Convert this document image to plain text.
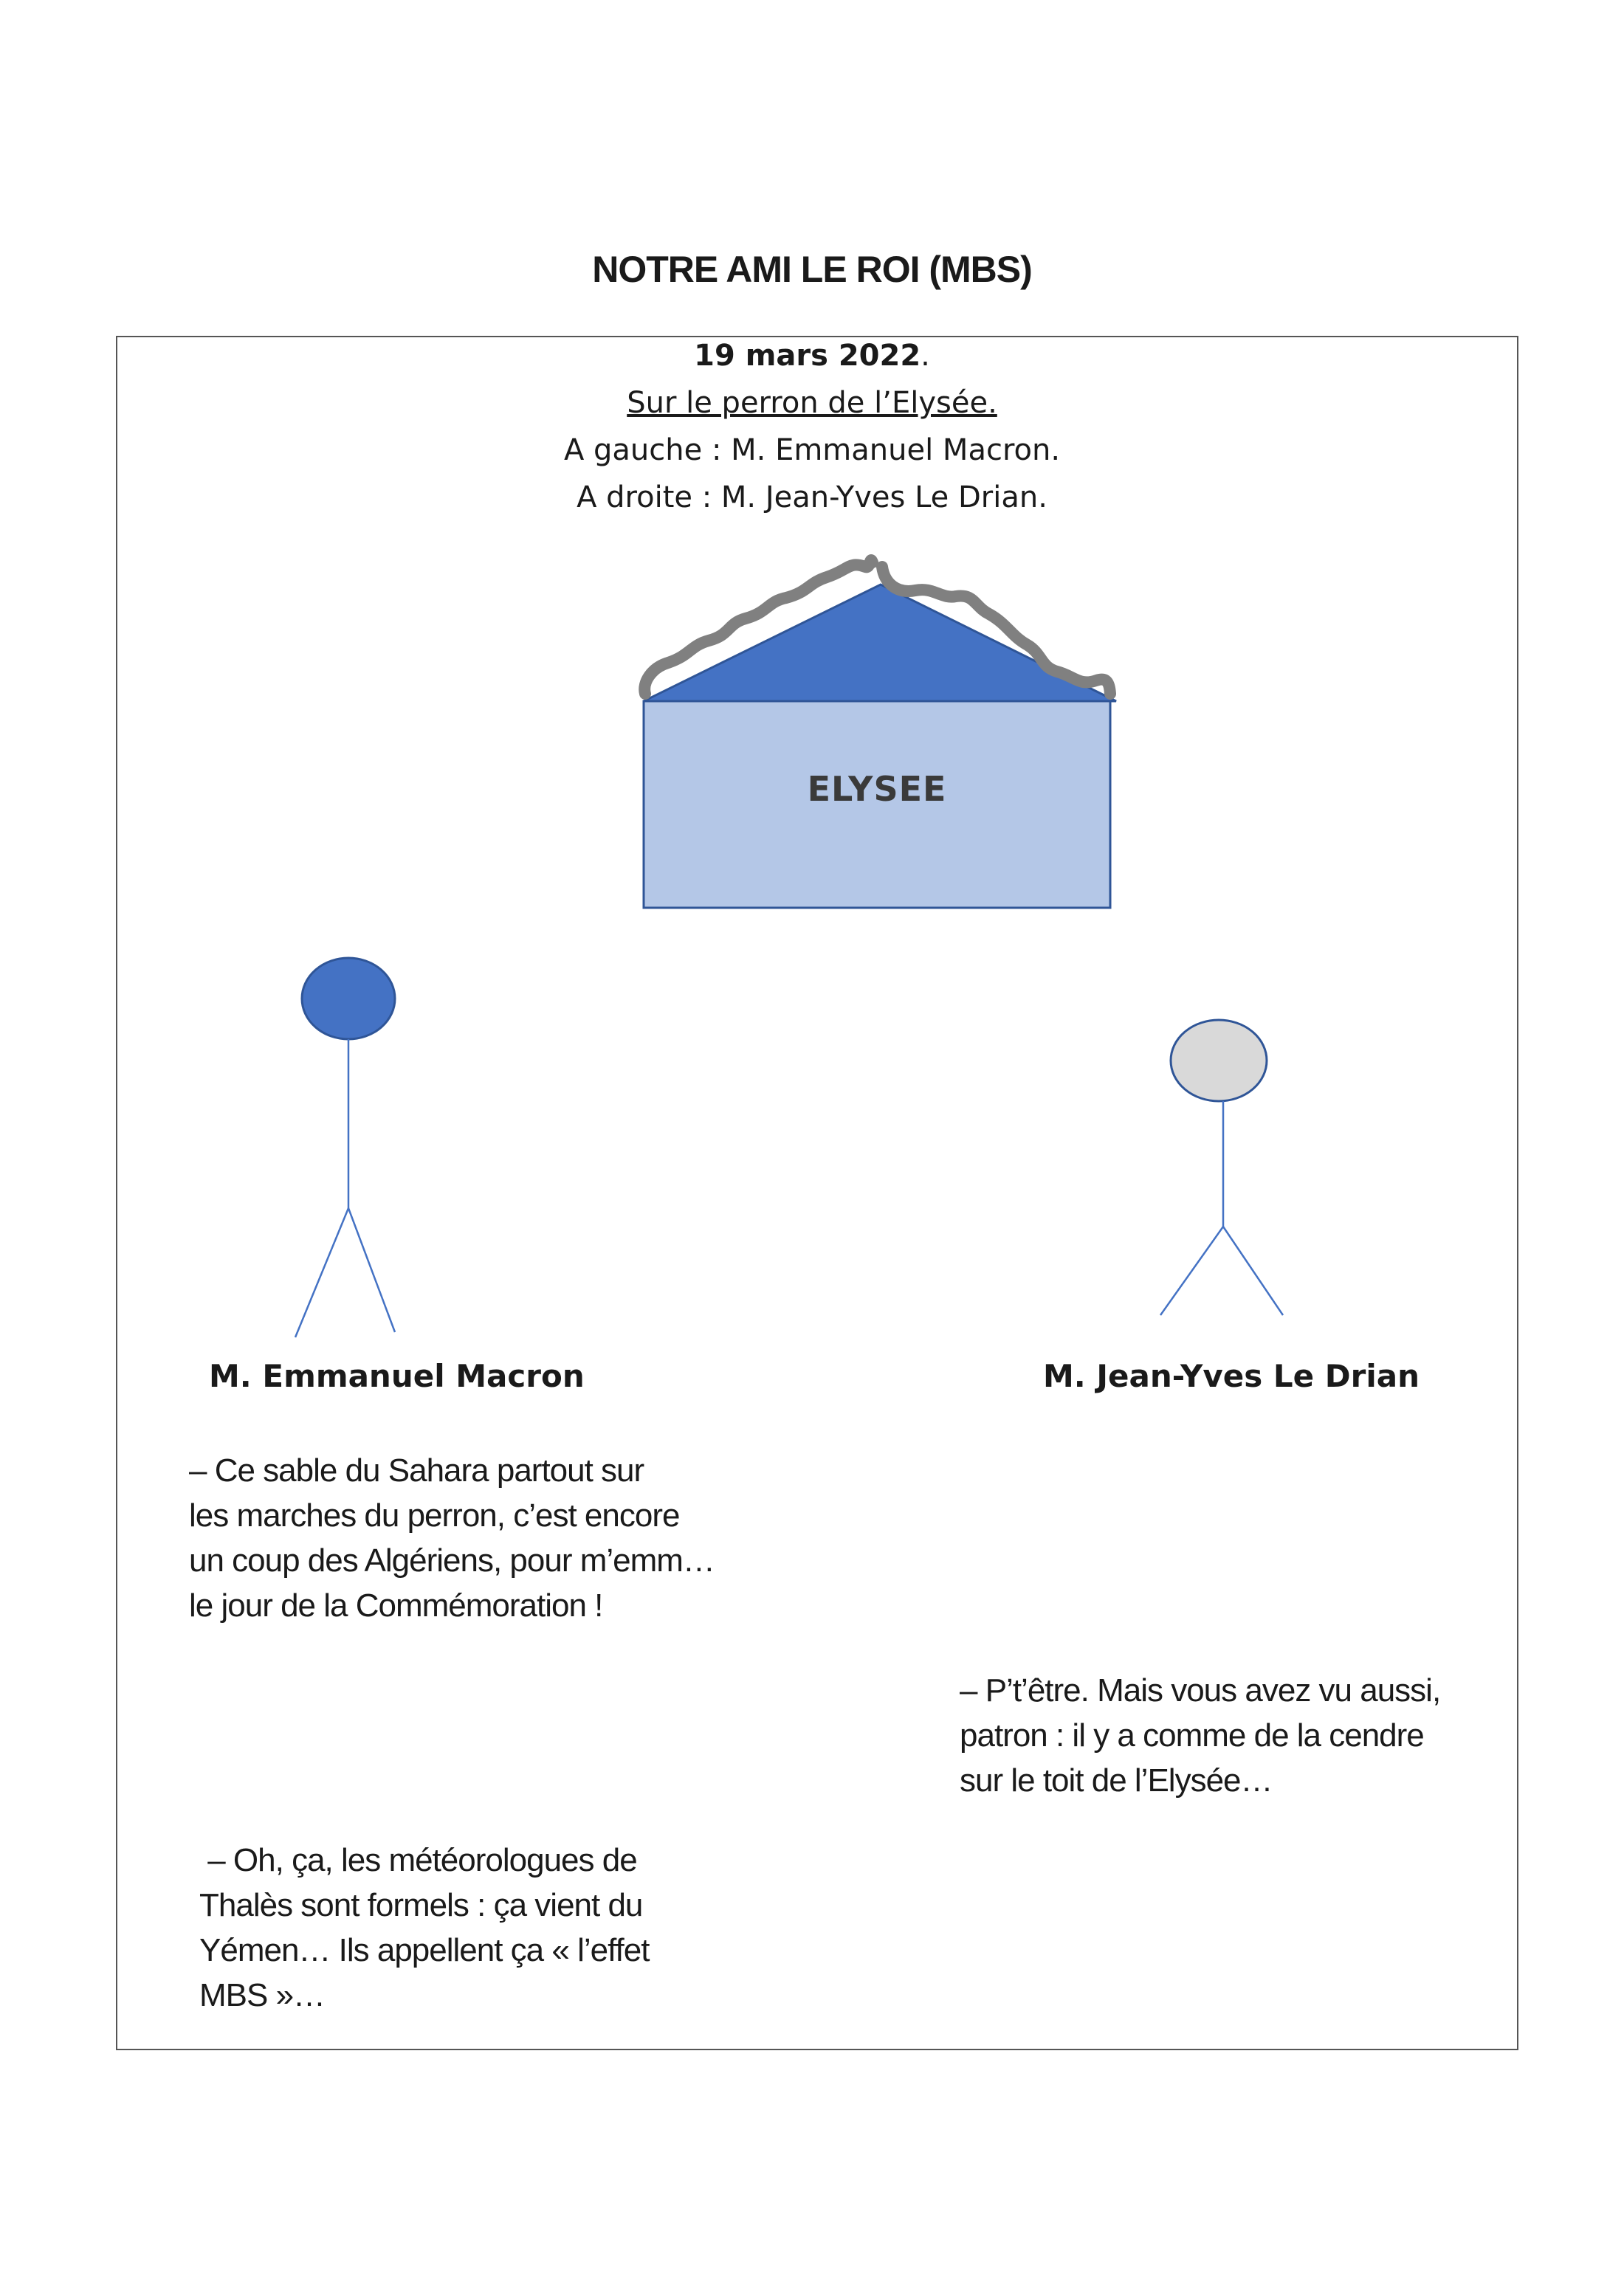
NOTRE AMI LE ROI (MBS)
19 mars 2022.
Sur le perron de l’Elysée.
A gauche : M. Emmanuel Macron.
A droite : M. Jean-Yves Le Drian.
ELYSEE
M. Emmanuel Macron	M. Jean-Yves Le Drian
– Ce sable du Sahara partout sur
les marches du perron, c’est encore
un coup des Algériens, pour m’emm…
le jour de la Commémoration !
– P’t’être. Mais vous avez vu aussi,
patron : il y a comme de la cendre
sur le toit de l’Elysée…
– Oh, ça, les météorologues de
Thalès sont formels : ça vient du
Yémen… Ils appellent ça « l’effet
MBS »…
